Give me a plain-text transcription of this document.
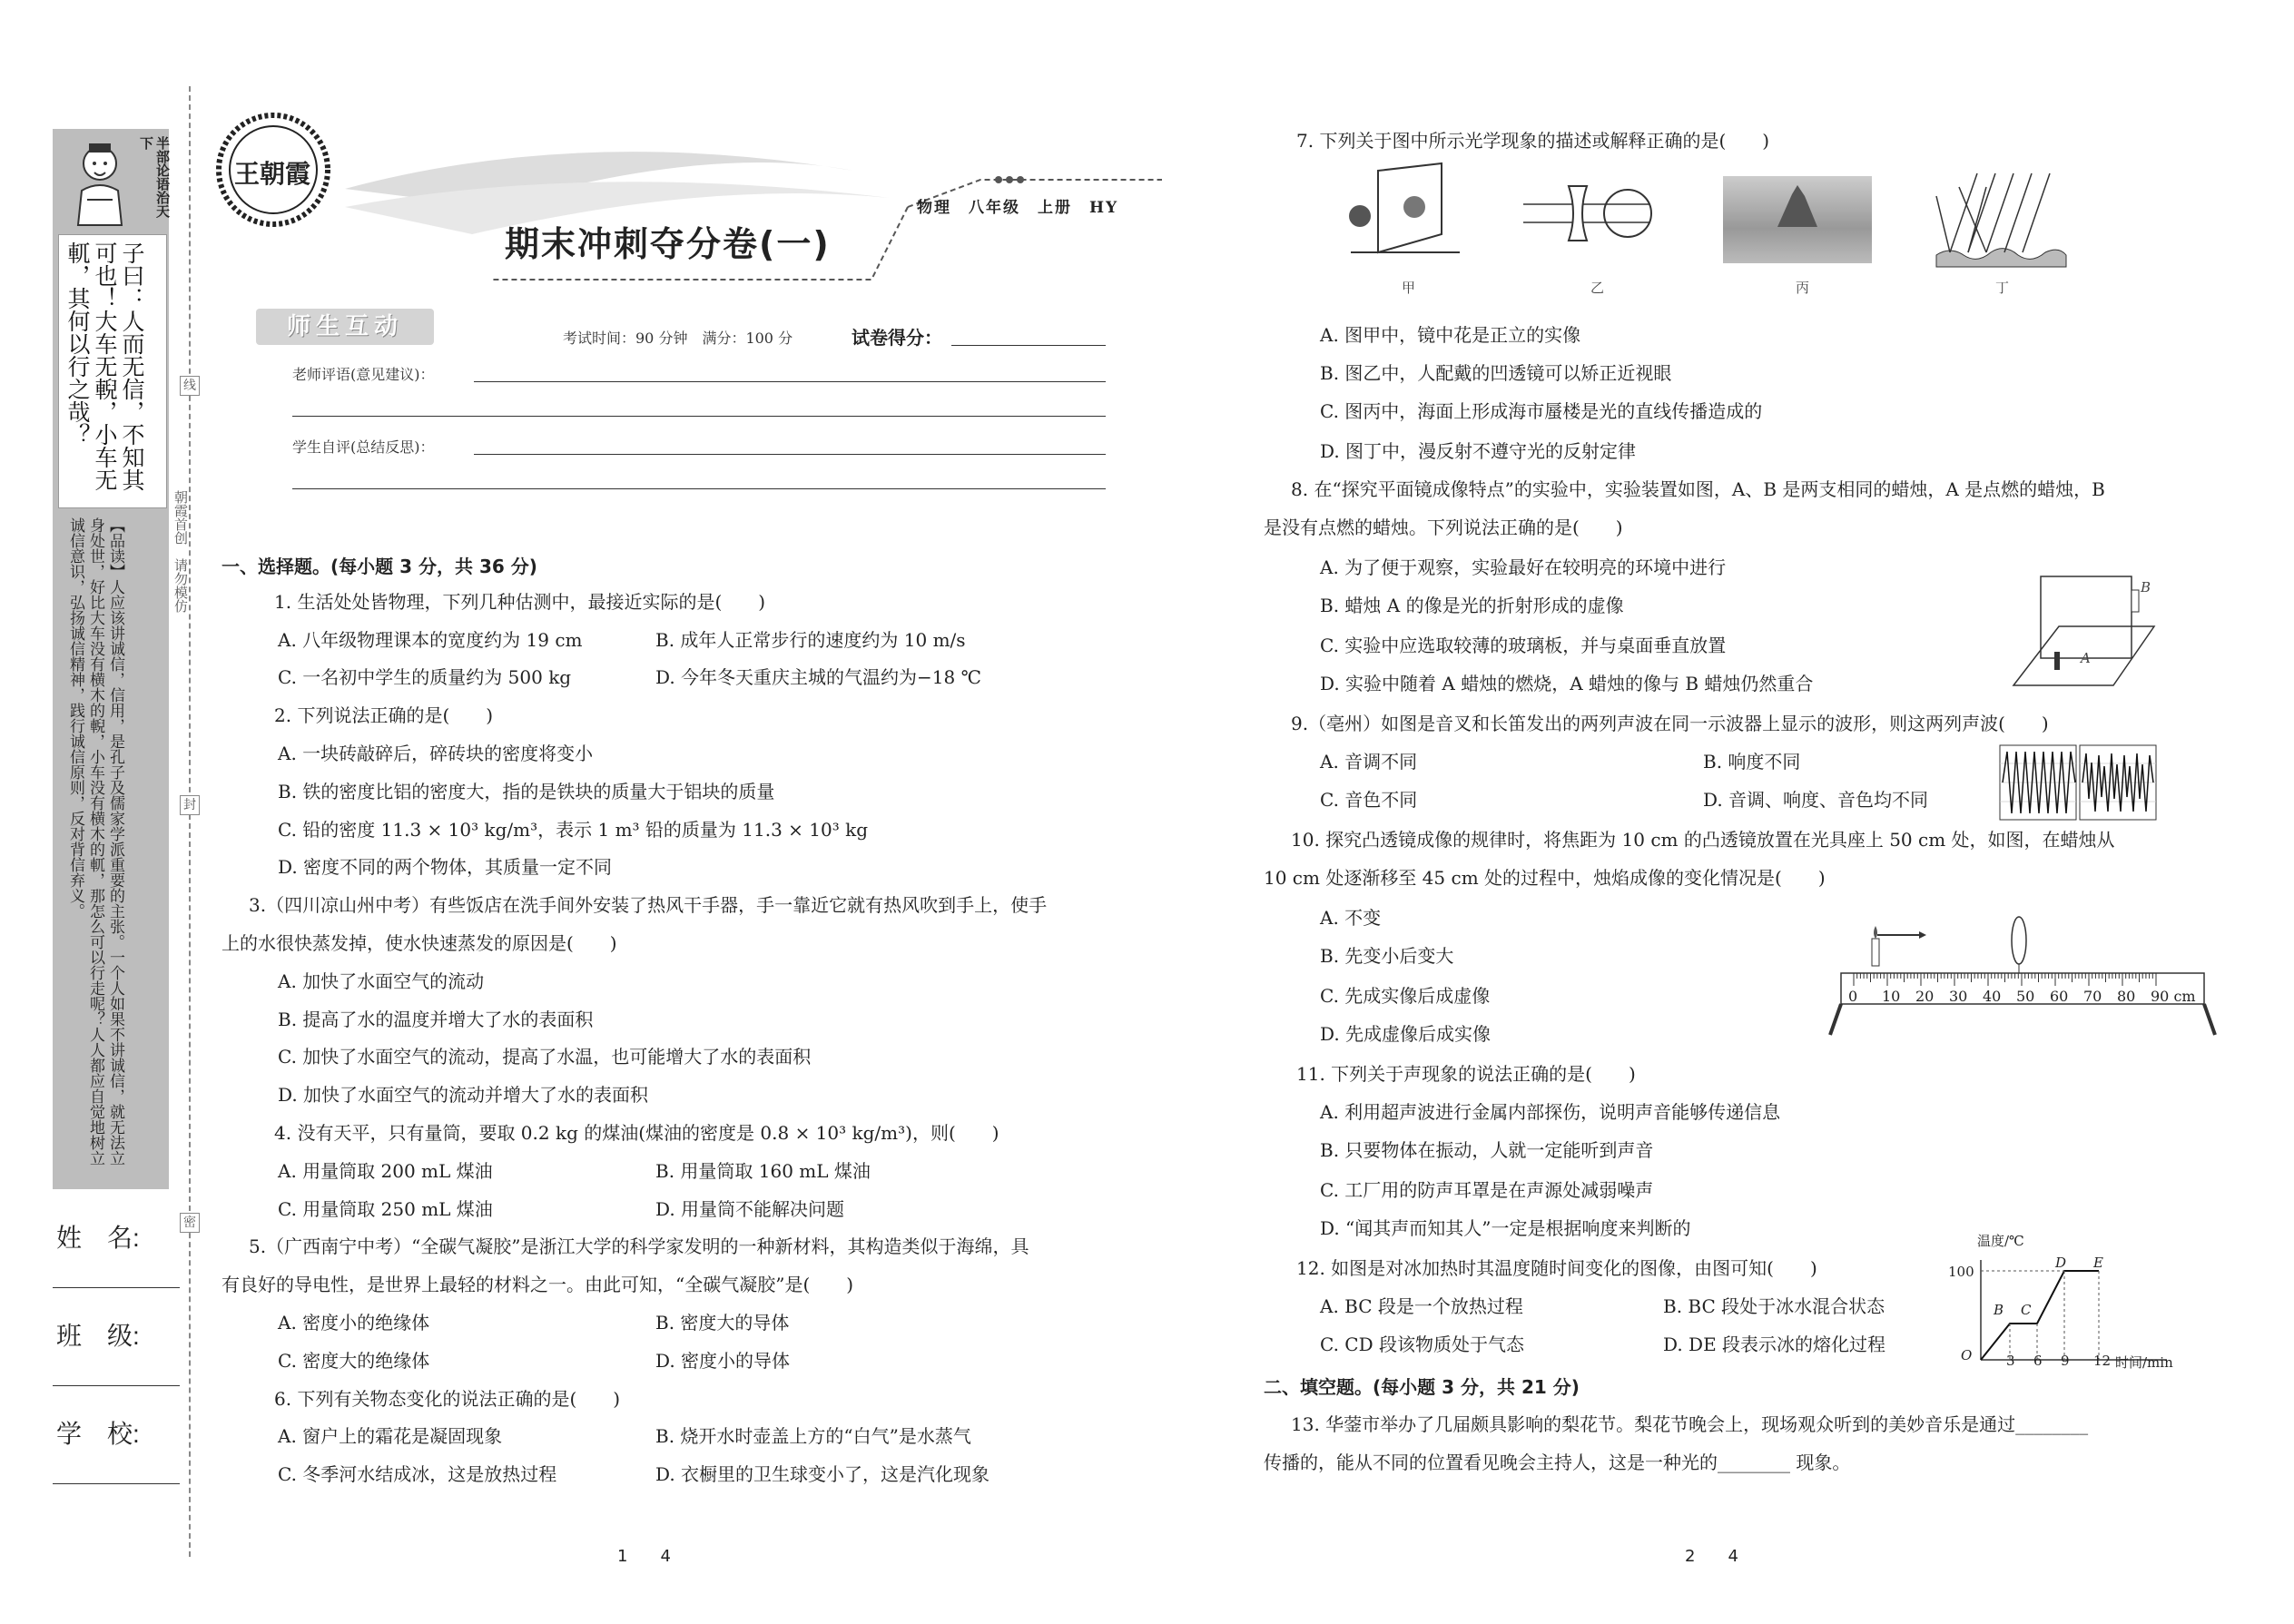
半部论语治天下
子曰：人而无信，不知其可也！大车无輗，小车无軏，其何以行之哉？
【品读】人应该讲诚信，信用，是孔子及儒家学派重要的主张。一个人如果不讲诚信，就无法立身处世，好比大车没有横木的輗，小车没有横木的軏，那怎么可以行走呢？人人都应自觉地树立诚信意识，弘扬诚信精神，践行诚信原则，反对背信弃义。	朝霞首创　请勿模仿
姓　名:
班　级:
学　校:
线
封
密
王朝霞
物理　八年级　上册　HY
期末冲刺夺分卷(一)
师生互动	考试时间：90 分钟　满分：100 分	试卷得分：
老师评语(意见建议)：
学生自评(总结反思)：
一、选择题。(每小题 3 分，共 36 分)
1. 生活处处皆物理，下列几种估测中，最接近实际的是(　　)
A. 八年级物理课本的宽度约为 19 cm	B. 成年人正常步行的速度约为 10 m/s
C. 一名初中学生的质量约为 500 kg	D. 今年冬天重庆主城的气温约为−18 ℃
2. 下列说法正确的是(　　)
A. 一块砖敲碎后，碎砖块的密度将变小
B. 铁的密度比铝的密度大，指的是铁块的质量大于铝块的质量
C. 铅的密度 11.3 × 10³ kg/m³，表示 1 m³ 铅的质量为 11.3 × 10³ kg
D. 密度不同的两个物体，其质量一定不同
3.（四川凉山州中考）有些饭店在洗手间外安装了热风干手器，手一靠近它就有热风吹到手上，使手
上的水很快蒸发掉，使水快速蒸发的原因是(　　)
A. 加快了水面空气的流动
B. 提高了水的温度并增大了水的表面积
C. 加快了水面空气的流动，提高了水温，也可能增大了水的表面积
D. 加快了水面空气的流动并增大了水的表面积
4. 没有天平，只有量筒，要取 0.2 kg 的煤油(煤油的密度是 0.8 × 10³ kg/m³)，则(　　)
A. 用量筒取 200 mL 煤油	B. 用量筒取 160 mL 煤油
C. 用量筒取 250 mL 煤油	D. 用量筒不能解决问题
5.（广西南宁中考）“全碳气凝胶”是浙江大学的科学家发明的一种新材料，其构造类似于海绵，具
有良好的导电性，是世界上最轻的材料之一。由此可知，“全碳气凝胶”是(　　)
A. 密度小的绝缘体	B. 密度大的导体
C. 密度大的绝缘体	D. 密度小的导体
6. 下列有关物态变化的说法正确的是(　　)
A. 窗户上的霜花是凝固现象	B. 烧开水时壶盖上方的“白气”是水蒸气
C. 冬季河水结成冰，这是放热过程	D. 衣橱里的卫生球变小了，这是汽化现象
1　　4
7. 下列关于图中所示光学现象的描述或解释正确的是(　　)
甲	乙	丙	丁
A. 图甲中，镜中花是正立的实像
B. 图乙中，人配戴的凹透镜可以矫正近视眼
C. 图丙中，海面上形成海市蜃楼是光的直线传播造成的
D. 图丁中，漫反射不遵守光的反射定律
8. 在“探究平面镜成像特点”的实验中，实验装置如图，A、B 是两支相同的蜡烛，A 是点燃的蜡烛，B
是没有点燃的蜡烛。下列说法正确的是(　　)
A. 为了便于观察，实验最好在较明亮的环境中进行
B. 蜡烛 A 的像是光的折射形成的虚像
C. 实验中应选取较薄的玻璃板，并与桌面垂直放置
D. 实验中随着 A 蜡烛的燃烧，A 蜡烛的像与 B 蜡烛仍然重合
9.（亳州）如图是音叉和长笛发出的两列声波在同一示波器上显示的波形，则这两列声波(　　)
A. 音调不同	B. 响度不同
C. 音色不同	D. 音调、响度、音色均不同
10. 探究凸透镜成像的规律时，将焦距为 10 cm 的凸透镜放置在光具座上 50 cm 处，如图，在蜡烛从
10 cm 处逐渐移至 45 cm 处的过程中，烛焰成像的变化情况是(　　)
A. 不变
B. 先变小后变大
C. 先成实像后成虚像
D. 先成虚像后成实像
11. 下列关于声现象的说法正确的是(　　)
A. 利用超声波进行金属内部探伤，说明声音能够传递信息
B. 只要物体在振动，人就一定能听到声音
C. 工厂用的防声耳罩是在声源处减弱噪声
D. “闻其声而知其人”一定是根据响度来判断的
12. 如图是对冰加热时其温度随时间变化的图像，由图可知(　　)
A. BC 段是一个放热过程	B. BC 段处于冰水混合状态
C. CD 段该物质处于气态	D. DE 段表示冰的熔化过程
二、填空题。(每小题 3 分，共 21 分)
13. 华蓥市举办了几届颇具影响的梨花节。梨花节晚会上，现场观众听到的美妙音乐是通过________
传播的，能从不同的位置看见晚会主持人，这是一种光的________ 现象。
B
A
0 10 20 30 40 50 60 70 80 90 cm
温度/℃
100
O	时间/min
3 6 9 12
B C
D E
2　　4
